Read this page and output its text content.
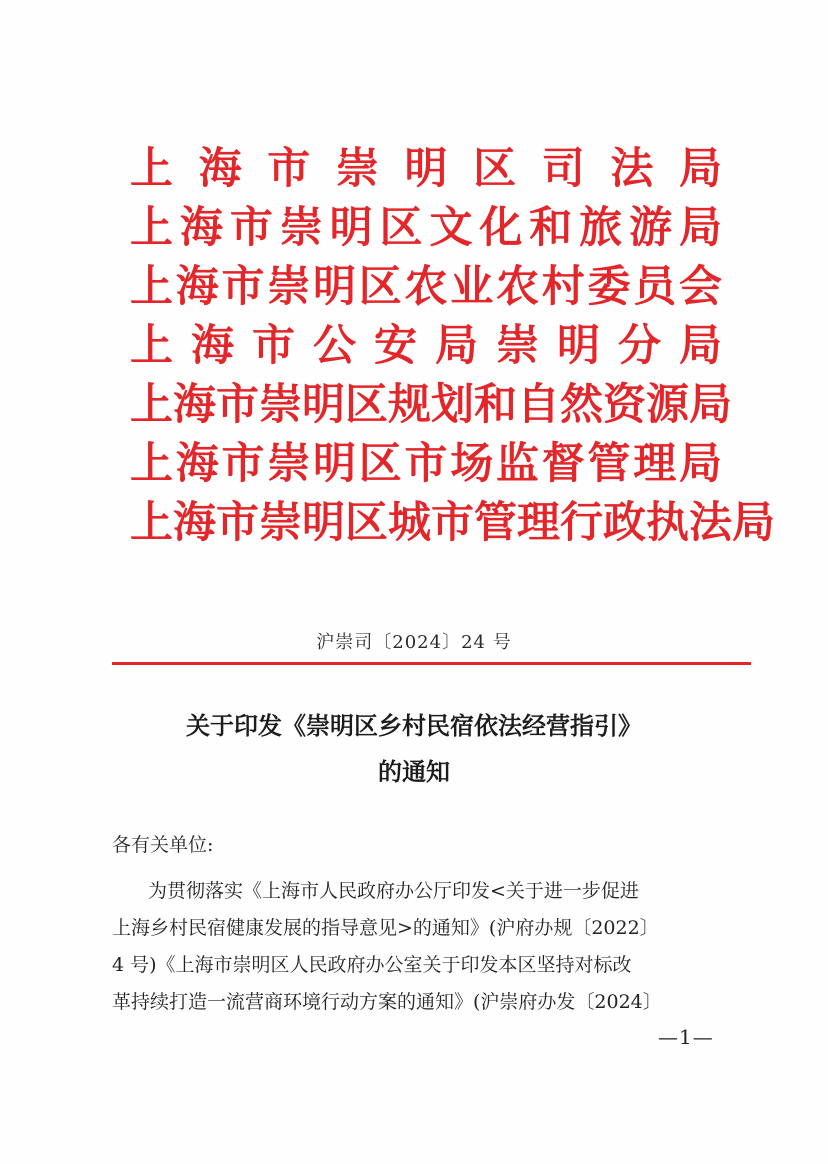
上 海 市 崇 明 区 司 法 局
上 海 市 崇 明 区 文 化 和 旅 游 局
上 海 市 崇 明 区 农 业 农 村 委 员 会
上 海 市 公 安 局 崇 明 分 局
上 海 市 崇 明 区 规 划 和 自 然 资 源 局
上 海 市 崇 明 区 市 场 监 督 管 理 局
上 海 市 崇 明 区 城 市 管 理 行 政 执 法 局
沪崇司〔2024〕24 号
关于印发《崇明区乡村民宿依法经营指引》
的通知
各有关单位:
为贯彻落实《上海市人民政府办公厅印发<关于进一步促进
上海乡村民宿健康发展的指导意见>的通知》(沪府办规〔2022〕
4 号)《上海市崇明区人民政府办公室关于印发本区坚持对标改
革持续打造一流营商环境行动方案的通知》(沪崇府办发〔2024〕
—1—
